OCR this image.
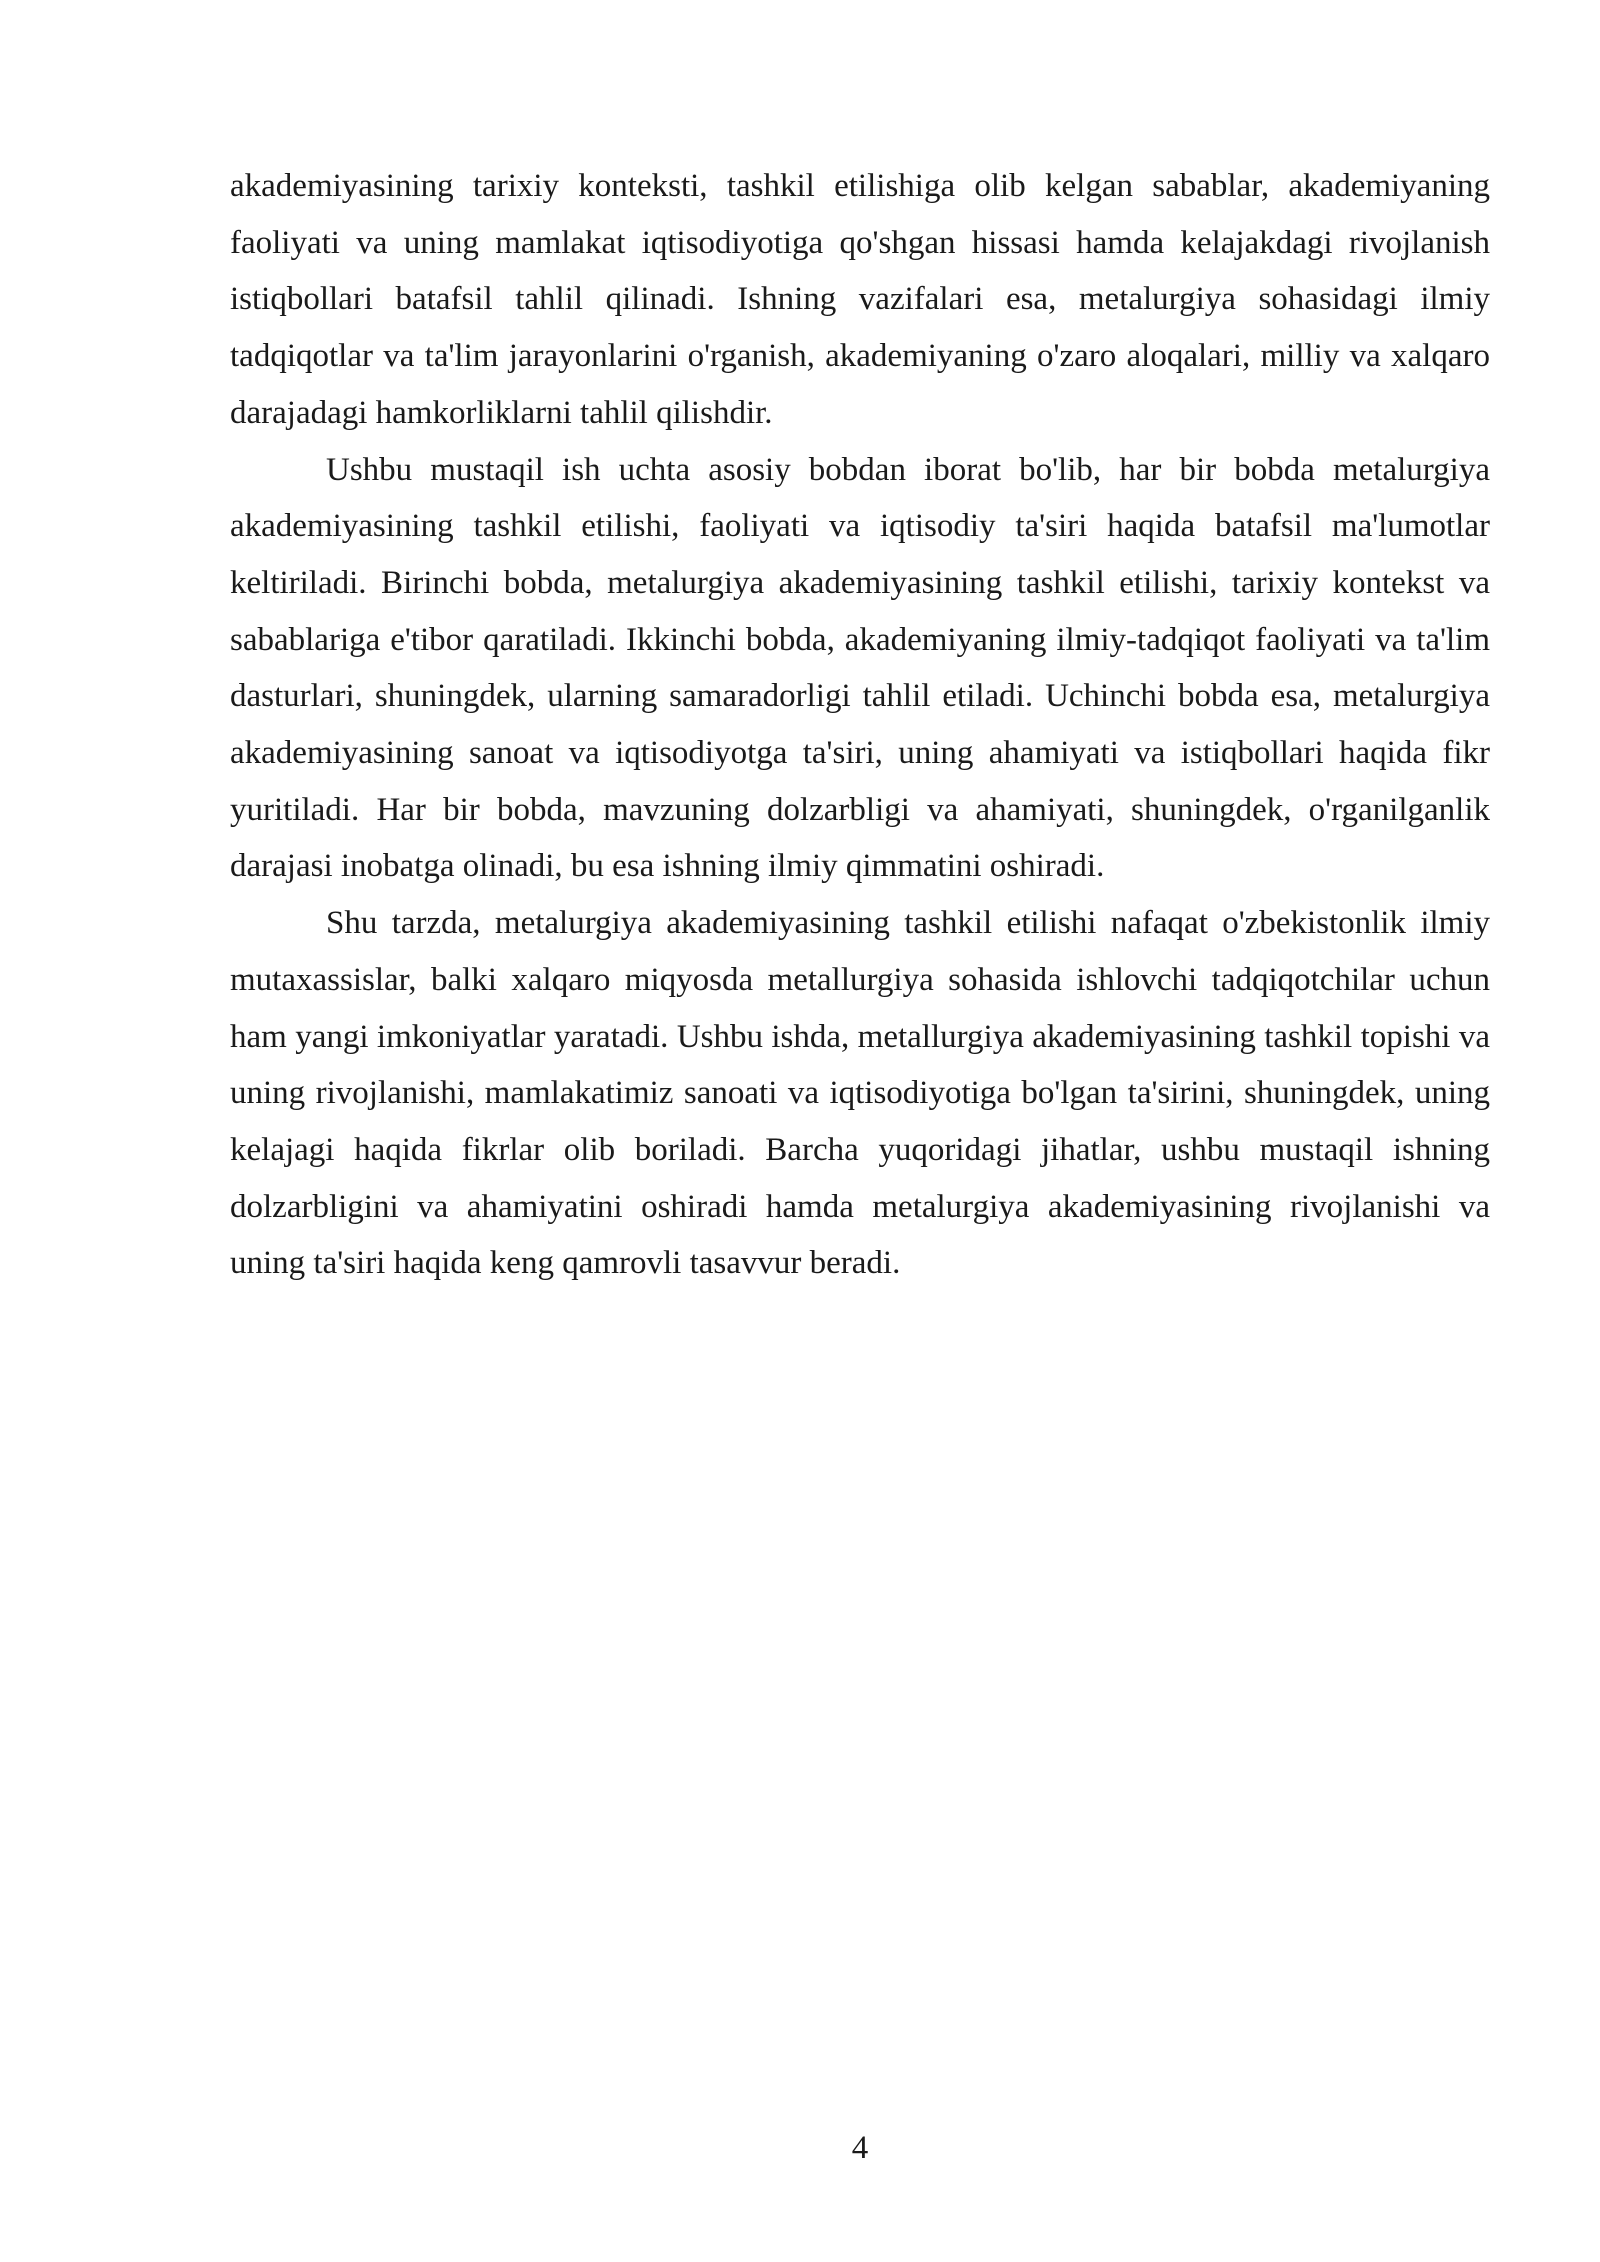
akademiyasining tarixiy konteksti, tashkil etilishiga olib kelgan sabablar, akademiyaning faoliyati va uning mamlakat iqtisodiyotiga qo'shgan hissasi hamda kelajakdagi rivojlanish istiqbollari batafsil tahlil qilinadi. Ishning vazifalari esa, metalurgiya sohasidagi ilmiy tadqiqotlar va ta'lim jarayonlarini o'rganish, akademiyaning o'zaro aloqalari, milliy va xalqaro darajadagi hamkorliklarni tahlil qilishdir.

Ushbu mustaqil ish uchta asosiy bobdan iborat bo'lib, har bir bobda metalurgiya akademiyasining tashkil etilishi, faoliyati va iqtisodiy ta'siri haqida batafsil ma'lumotlar keltiriladi. Birinchi bobda, metalurgiya akademiyasining tashkil etilishi, tarixiy kontekst va sabablariga e'tibor qaratiladi. Ikkinchi bobda, akademiyaning ilmiy-tadqiqot faoliyati va ta'lim dasturlari, shuningdek, ularning samaradorligi tahlil etiladi. Uchinchi bobda esa, metalurgiya akademiyasining sanoat va iqtisodiyotga ta'siri, uning ahamiyati va istiqbollari haqida fikr yuritiladi. Har bir bobda, mavzuning dolzarbligi va ahamiyati, shuningdek, o'rganilganlik darajasi inobatga olinadi, bu esa ishning ilmiy qimmatini oshiradi.

Shu tarzda, metalurgiya akademiyasining tashkil etilishi nafaqat o'zbekistonlik ilmiy mutaxassislar, balki xalqaro miqyosda metallurgiya sohasida ishlovchi tadqiqotchilar uchun ham yangi imkoniyatlar yaratadi. Ushbu ishda, metallurgiya akademiyasining tashkil topishi va uning rivojlanishi, mamlakatimiz sanoati va iqtisodiyotiga bo'lgan ta'sirini, shuningdek, uning kelajagi haqida fikrlar olib boriladi. Barcha yuqoridagi jihatlar, ushbu mustaqil ishning dolzarbligini va ahamiyatini oshiradi hamda metalurgiya akademiyasining rivojlanishi va uning ta'siri haqida keng qamrovli tasavvur beradi.

4
